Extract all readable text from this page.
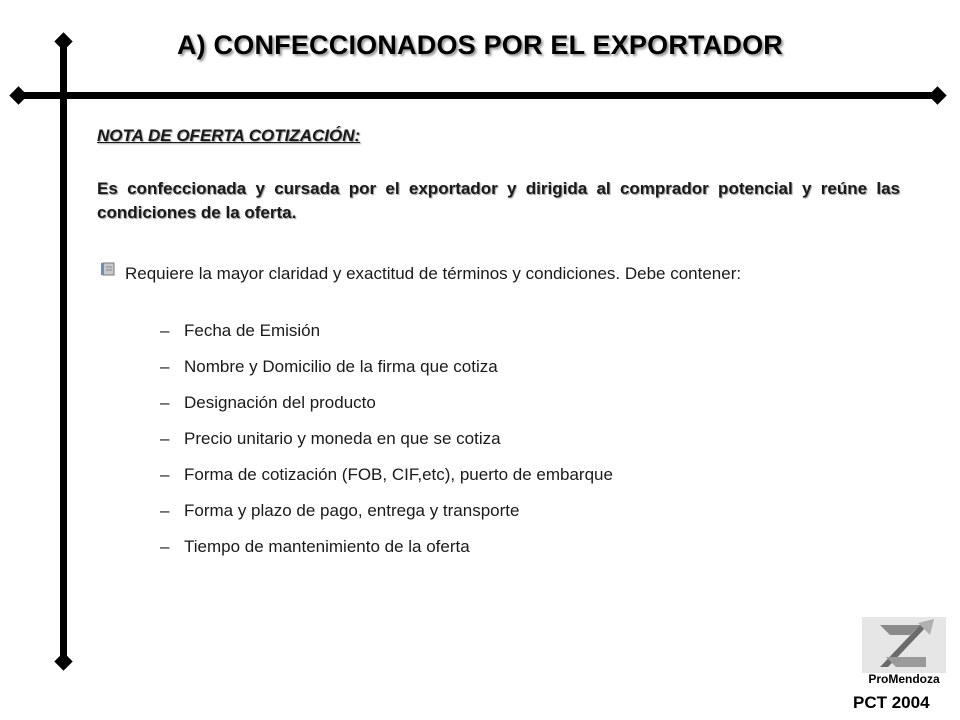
A) CONFECCIONADOS POR EL EXPORTADOR
NOTA DE OFERTA COTIZACIÓN:
Es confeccionada y cursada por el exportador y dirigida al comprador potencial y reúne las condiciones de la oferta.
Requiere la mayor claridad y exactitud de términos y condiciones. Debe contener:
– Fecha de Emisión
– Nombre y Domicilio de la firma que cotiza
– Designación del producto
– Precio unitario y moneda en que se cotiza
– Forma de cotización (FOB, CIF,etc), puerto de embarque
– Forma y plazo de pago, entrega y transporte
– Tiempo de mantenimiento de la oferta
ProMendoza
PCT 2004
